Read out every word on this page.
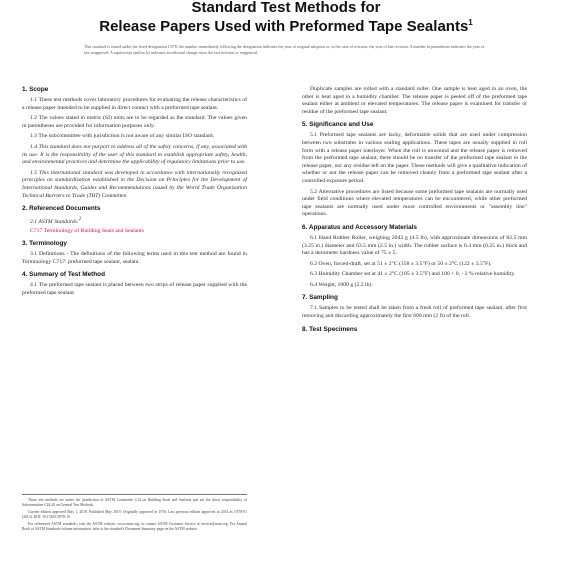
Standard Test Methods for
Release Papers Used with Preformed Tape Sealants$^1$
This standard is issued under the fixed designation C978; the number immediately following the designation indicates the year of original adoption or, in the case of revision, the year of last revision. A number in parentheses indicates the year of last reapproval. A superscript epsilon (ε) indicates an editorial change since the last revision or reapproval.
1. Scope

1.1 These test methods cover laboratory procedures for evaluating the release characteristics of a release paper intended to be supplied in direct contact with a preformed tape sealant.

1.2 The values stated in metric (SI) units are to be regarded as the standard. The values given in parentheses are provided for information purposes only.

1.3 The subcommittee with jurisdiction is not aware of any similar ISO standard.

1.4 This standard does not purport to address all of the safety concerns, if any, associated with its use. It is the responsibility of the user of this standard to establish appropriate safety, health, and environmental practices and determine the applicability of regulatory limitations prior to use.

1.5 This international standard was developed in accordance with internationally recognized principles on standardization established in the Decision on Principles for the Development of International Standards, Guides and Recommendations issued by the World Trade Organization Technical Barriers to Trade (TBT) Committee.

2. Referenced Documents
2.1 ASTM Standards:$^2$
C717 Terminology of Building Seals and Sealants
3. Terminology

3.1 Definitions - The definitions of the following terms used in this test method are found in Terminology C717: preformed tape sealant, sealant.

4. Summary of Test Method

4.1 The preformed tape sealant is placed between two strips of release paper supplied with the preformed tape sealant.

These test methods are under the jurisdiction of ASTM Committee C24 on Building Seals and Sealants and are the direct responsibility of Subcommittee C24.20 on General Test Methods.

Current edition approved May 1, 2019. Published May 2019. Originally approved in 1976. Last previous edition approved in 2014 as C978-01 (2014). DOI: 10.1520/C0978-19.

For referenced ASTM standards, visit the ASTM website, www.astm.org, or contact ASTM Customer Service at service@astm.org. For Annual Book of ASTM Standards volume information, refer to the standard's Document Summary page on the ASTM website.

Duplicate samples are rolled with a standard roller. One sample is heat aged in an oven, the other is heat aged in a humidity chamber. The release paper is peeled off of the preformed tape sealant either at ambient or elevated temperatures. The release paper is examined for transfer or residue of the preformed tape sealant.

5. Significance and Use

5.1 Preformed tape sealants are tacky, deformable solids that are used under compression between two substrates in various sealing applications. These tapes are usually supplied in roll form with a release paper interlayer. When the roll is unwound and the release paper is removed from the preformed tape sealant, there should be no transfer of the preformed tape sealant to the release paper, nor any residue left on the paper. These methods will give a qualitative indication of whether or not the release paper can be removed cleanly from a preformed tape sealant after a controlled exposure period.

5.2 Alternative procedures are listed because some preformed tape sealants are normally used under field conditions where elevated temperatures can be encountered, while other preformed tape sealants are normally used under more controlled environments or "assembly line" operations.

6. Apparatus and Accessory Materials

6.1 Hand Rubber Roller, weighing 2043 g (4.5 lb), with approximate dimensions of 82.5 mm (3.25 in.) diameter and 63.5 mm (2.5 in.) width. The rubber surface is 6.4 mm (0.25 in.) thick and has a durometer hardness value of 75 ± 5.

6.2 Oven, forced-draft, set at 51 ± 2°C (158 ± 3.5°F) or 50 ± 2°C (122 ± 3.5°F).

6.3 Humidity Chamber set at 41 ± 2°C (105 ± 3.5°F) and 100 + 0, - 2 % relative humidity.

6.4 Weight, 1000 g (2.2 lb).

7. Sampling

7.1 Samples to be tested shall be taken from a fresh roll of preformed tape sealant, after first removing and discarding approximately the first 600 mm (2 ft) of the roll.

8. Test Specimens
